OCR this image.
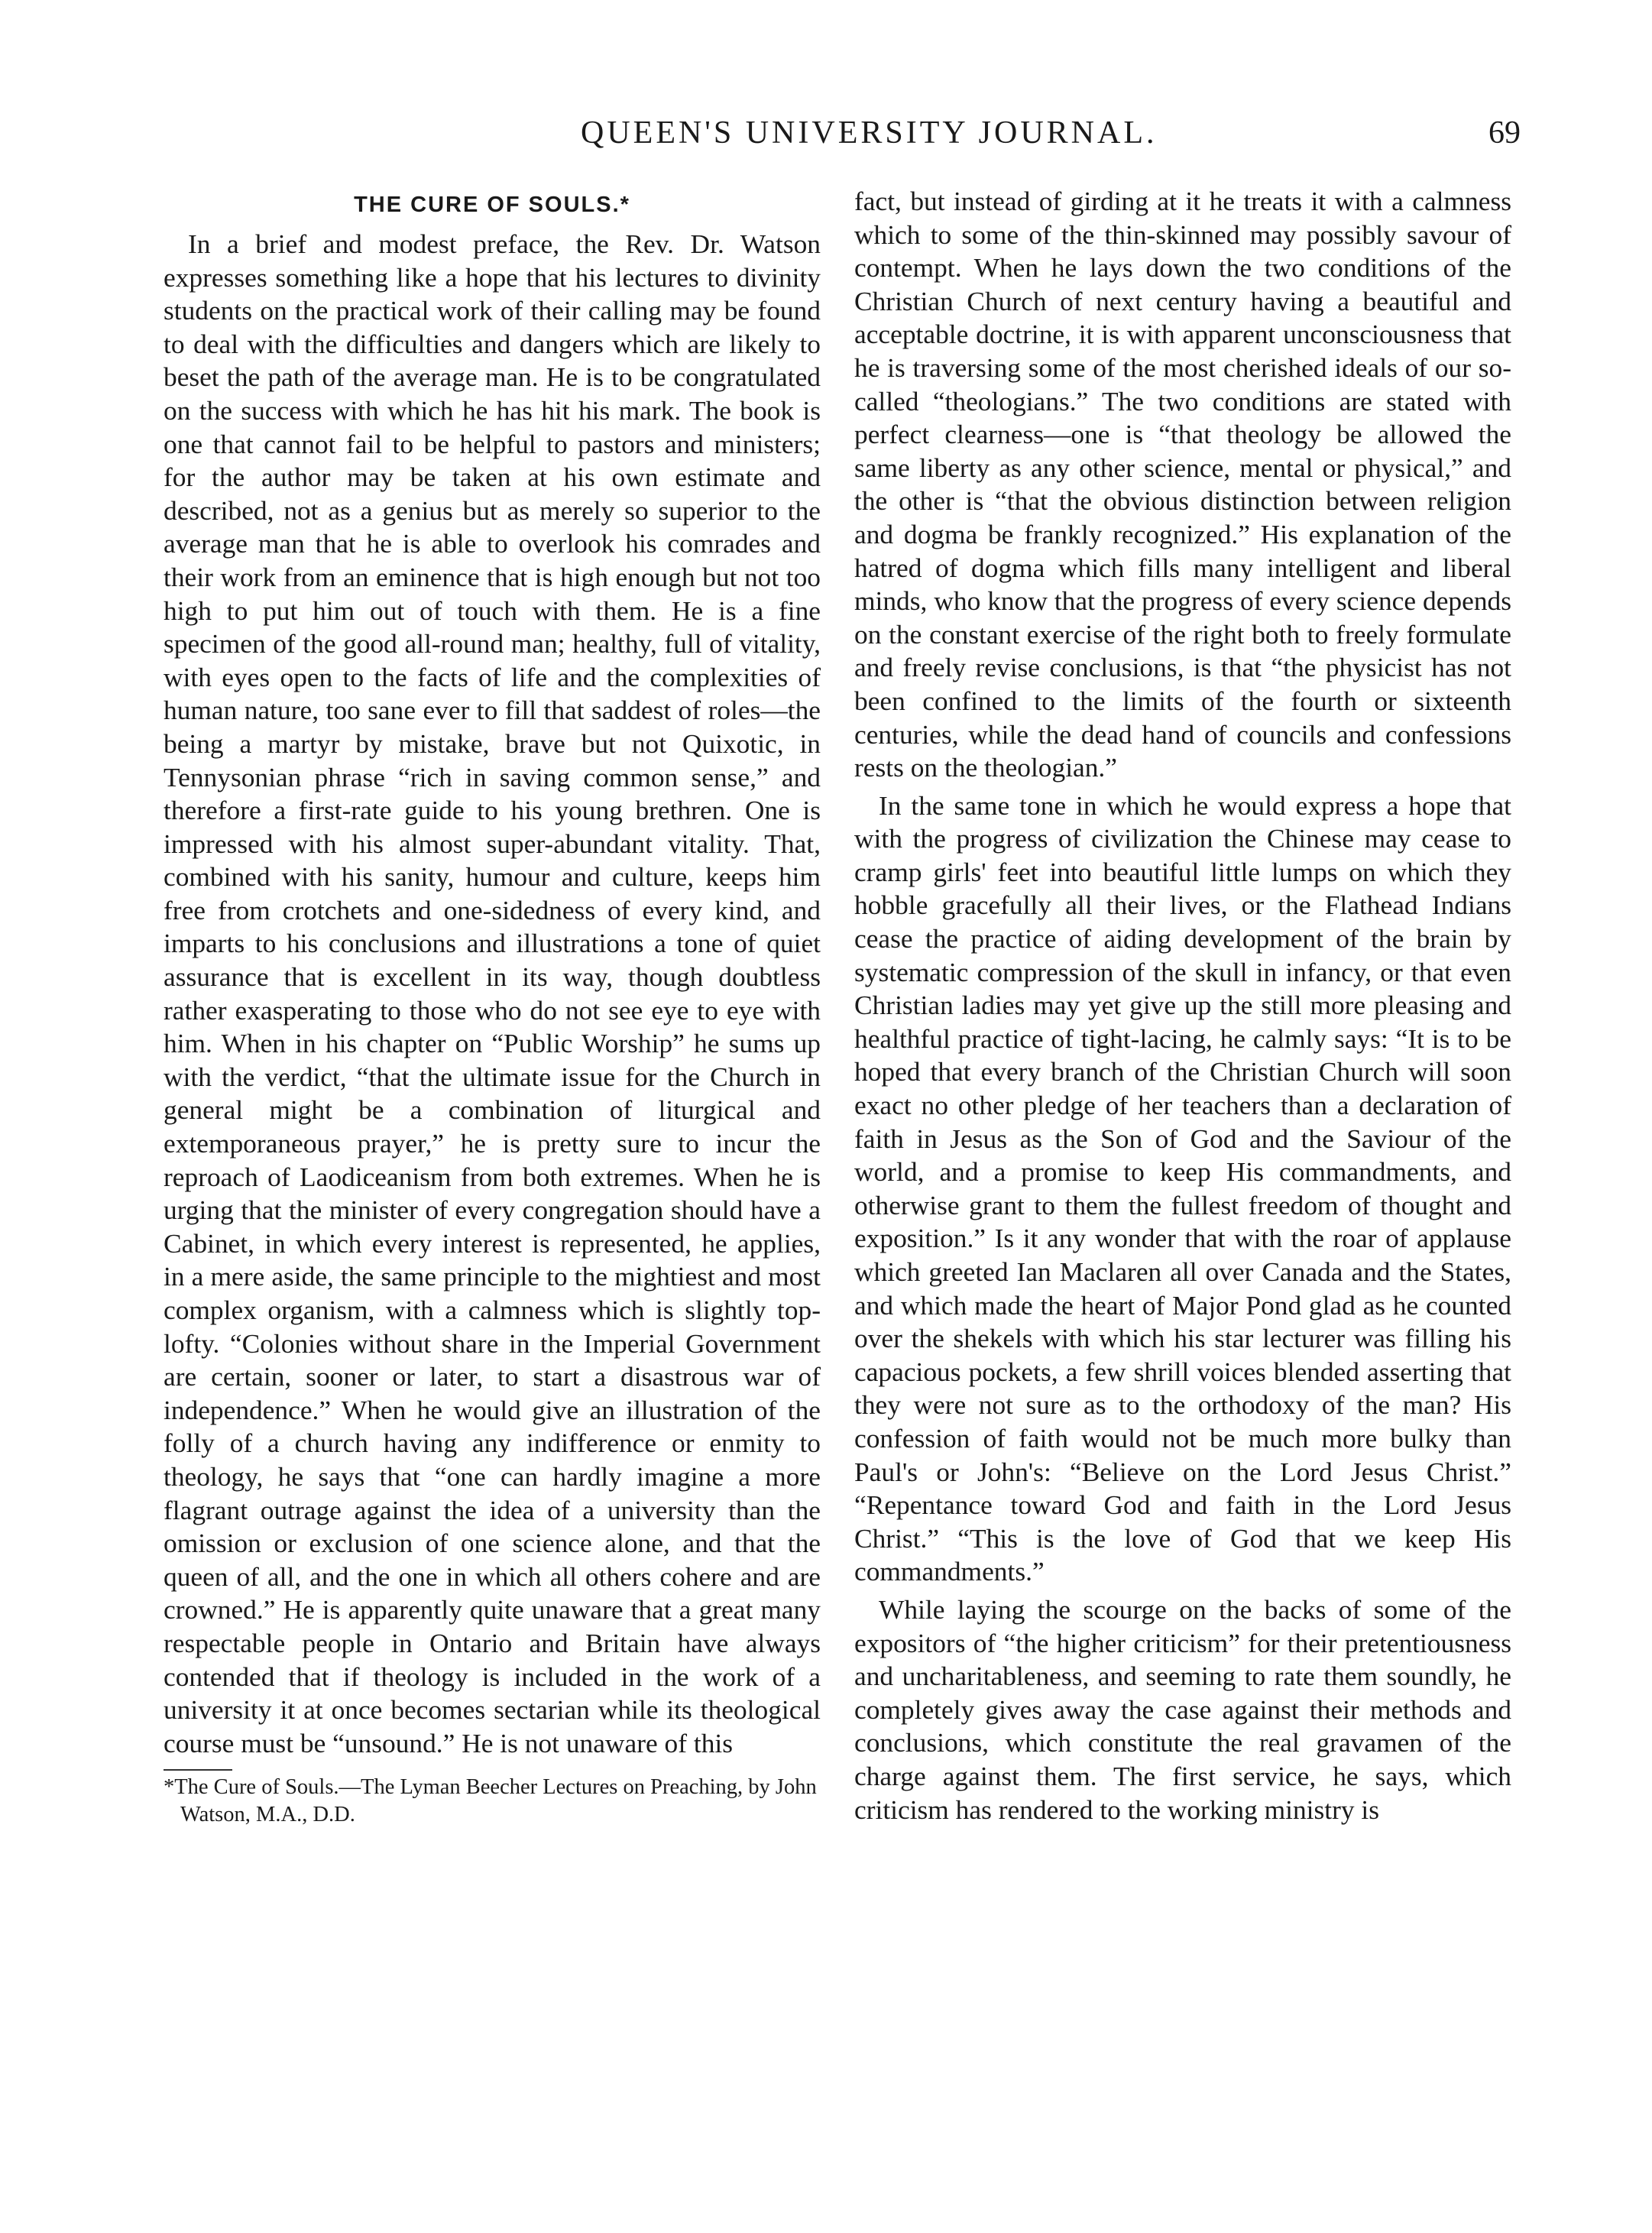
QUEEN'S UNIVERSITY JOURNAL.	69
THE CURE OF SOULS.*

In a brief and modest preface, the Rev. Dr. Watson expresses something like a hope that his lectures to divinity students on the practical work of their calling may be found to deal with the difficulties and dangers which are likely to beset the path of the average man. He is to be congratulated on the success with which he has hit his mark. The book is one that cannot fail to be helpful to pastors and ministers; for the author may be taken at his own estimate and described, not as a genius but as merely so superior to the average man that he is able to overlook his comrades and their work from an eminence that is high enough but not too high to put him out of touch with them. He is a fine specimen of the good all-round man; healthy, full of vitality, with eyes open to the facts of life and the complexities of human nature, too sane ever to fill that saddest of roles—the being a martyr by mistake, brave but not Quixotic, in Tennysonian phrase “rich in saving common sense,” and therefore a first-rate guide to his young brethren. One is impressed with his almost super-abundant vitality. That, combined with his sanity, humour and culture, keeps him free from crotchets and one-sidedness of every kind, and imparts to his conclusions and illustrations a tone of quiet assurance that is excellent in its way, though doubtless rather exasperating to those who do not see eye to eye with him. When in his chapter on “Public Worship” he sums up with the verdict, “that the ultimate issue for the Church in general might be a combination of liturgical and extemporaneous prayer,” he is pretty sure to incur the reproach of Laodiceanism from both extremes. When he is urging that the minister of every congregation should have a Cabinet, in which every interest is represented, he applies, in a mere aside, the same principle to the mightiest and most complex organism, with a calmness which is slightly top-lofty. “Colonies without share in the Imperial Government are certain, sooner or later, to start a disastrous war of independence.” When he would give an illustration of the folly of a church having any indifference or enmity to theology, he says that “one can hardly imagine a more flagrant outrage against the idea of a university than the omission or exclusion of one science alone, and that the queen of all, and the one in which all others cohere and are crowned.” He is apparently quite unaware that a great many respectable people in Ontario and Britain have always contended that if theology is included in the work of a university it at once becomes sectarian while its theological course must be “unsound.” He is not unaware of this

*The Cure of Souls.—The Lyman Beecher Lectures on Preaching, by John Watson, M.A., D.D.

fact, but instead of girding at it he treats it with a calmness which to some of the thin-skinned may possibly savour of contempt. When he lays down the two conditions of the Christian Church of next century having a beautiful and acceptable doctrine, it is with apparent unconsciousness that he is traversing some of the most cherished ideals of our so-called “theologians.” The two conditions are stated with perfect clearness—one is “that theology be allowed the same liberty as any other science, mental or physical,” and the other is “that the obvious distinction between religion and dogma be frankly recognized.” His explanation of the hatred of dogma which fills many intelligent and liberal minds, who know that the progress of every science depends on the constant exercise of the right both to freely formulate and freely revise conclusions, is that “the physicist has not been confined to the limits of the fourth or sixteenth centuries, while the dead hand of councils and confessions rests on the theologian.”

In the same tone in which he would express a hope that with the progress of civilization the Chinese may cease to cramp girls' feet into beautiful little lumps on which they hobble gracefully all their lives, or the Flathead Indians cease the practice of aiding development of the brain by systematic compression of the skull in infancy, or that even Christian ladies may yet give up the still more pleasing and healthful practice of tight-lacing, he calmly says: “It is to be hoped that every branch of the Christian Church will soon exact no other pledge of her teachers than a declaration of faith in Jesus as the Son of God and the Saviour of the world, and a promise to keep His commandments, and otherwise grant to them the fullest freedom of thought and exposition.” Is it any wonder that with the roar of applause which greeted Ian Maclaren all over Canada and the States, and which made the heart of Major Pond glad as he counted over the shekels with which his star lecturer was filling his capacious pockets, a few shrill voices blended asserting that they were not sure as to the orthodoxy of the man? His confession of faith would not be much more bulky than Paul's or John's: “Believe on the Lord Jesus Christ.” “Repentance toward God and faith in the Lord Jesus Christ.” “This is the love of God that we keep His commandments.”

While laying the scourge on the backs of some of the expositors of “the higher criticism” for their pretentiousness and uncharitableness, and seeming to rate them soundly, he completely gives away the case against their methods and conclusions, which constitute the real gravamen of the charge against them. The first service, he says, which criticism has rendered to the working ministry is
